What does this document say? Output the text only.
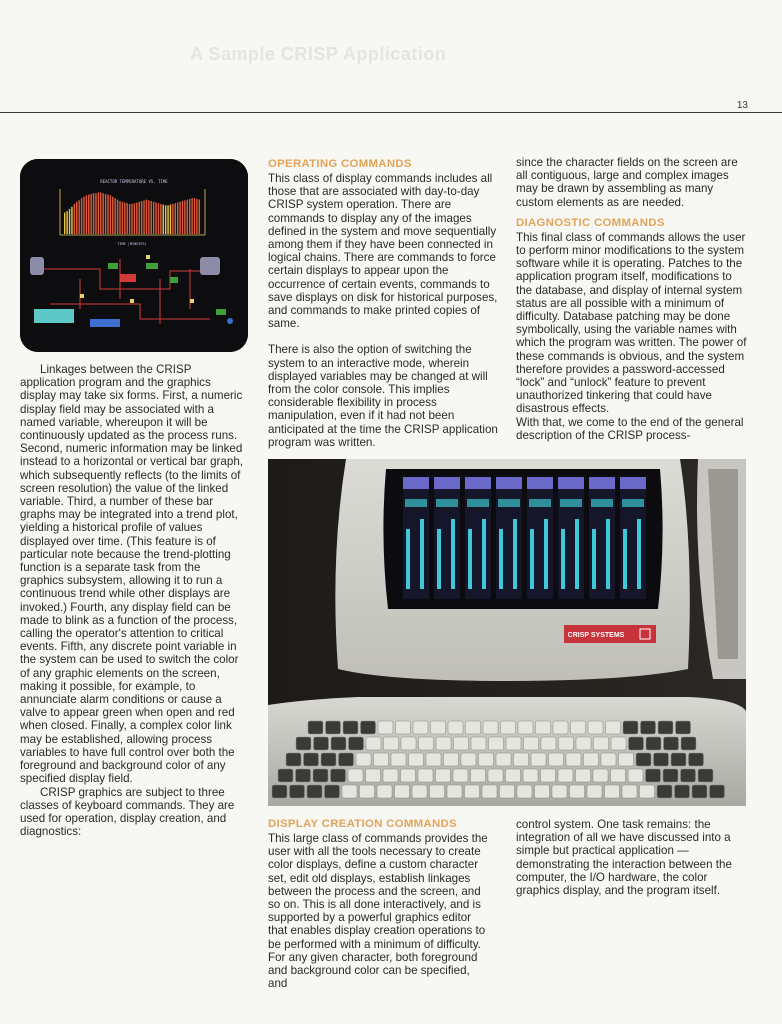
A Sample CRISP Application
13
REACTOR TEMPERATURE VS. TIME
TIME (MINUTES)

Linkages between the CRISP application program and the graphics display may take six forms. First, a numeric display field may be associated with a named variable, whereupon it will be continuously updated as the process runs. Second, numeric information may be linked instead to a horizontal or vertical bar graph, which subsequently reflects (to the limits of screen resolution) the value of the linked variable. Third, a number of these bar graphs may be integrated into a trend plot, yielding a historical profile of values displayed over time. (This feature is of particular note because the trend-plotting function is a separate task from the graphics subsystem, allowing it to run a continuous trend while other displays are invoked.) Fourth, any display field can be made to blink as a function of the process, calling the operator's attention to critical events. Fifth, any discrete point variable in the system can be used to switch the color of any graphic elements on the screen, making it possible, for example, to annunciate alarm conditions or cause a valve to appear green when open and red when closed. Finally, a complex color link may be established, allowing process variables to have full control over both the foreground and background color of any specified display field.

CRISP graphics are subject to three classes of keyboard commands. They are used for operation, display creation, and diagnostics:

OPERATING COMMANDS

This class of display commands includes all those that are associated with day-to-day CRISP system operation. There are commands to display any of the images defined in the system and move sequentially among them if they have been connected in logical chains. There are commands to force certain displays to appear upon the occurrence of certain events, commands to save displays on disk for historical purposes, and commands to make printed copies of same.

There is also the option of switching the system to an interactive mode, wherein displayed variables may be changed at will from the color console. This implies considerable flexibility in process manipulation, even if it had not been anticipated at the time the CRISP application program was written.

since the character fields on the screen are all contiguous, large and complex images may be drawn by assembling as many custom elements as are needed.

DIAGNOSTIC COMMANDS

This final class of commands allows the user to perform minor modifications to the system software while it is operating. Patches to the application program itself, modifications to the database, and display of internal system status are all possible with a minimum of difficulty. Database patching may be done symbolically, using the variable names with which the program was written. The power of these commands is obvious, and the system therefore provides a password-accessed “lock” and “unlock” feature to prevent unauthorized tinkering that could have disastrous effects.

With that, we come to the end of the general description of the CRISP process-

CRISP SYSTEMS
DISPLAY CREATION COMMANDS

This large class of commands provides the user with all the tools necessary to create color displays, define a custom character set, edit old displays, establish linkages between the process and the screen, and so on. This is all done interactively, and is supported by a powerful graphics editor that enables display creation operations to be performed with a minimum of difficulty. For any given character, both foreground and background color can be specified, and

control system. One task remains: the integration of all we have discussed into a simple but practical application — demonstrating the interaction between the computer, the I/O hardware, the color graphics display, and the program itself.
